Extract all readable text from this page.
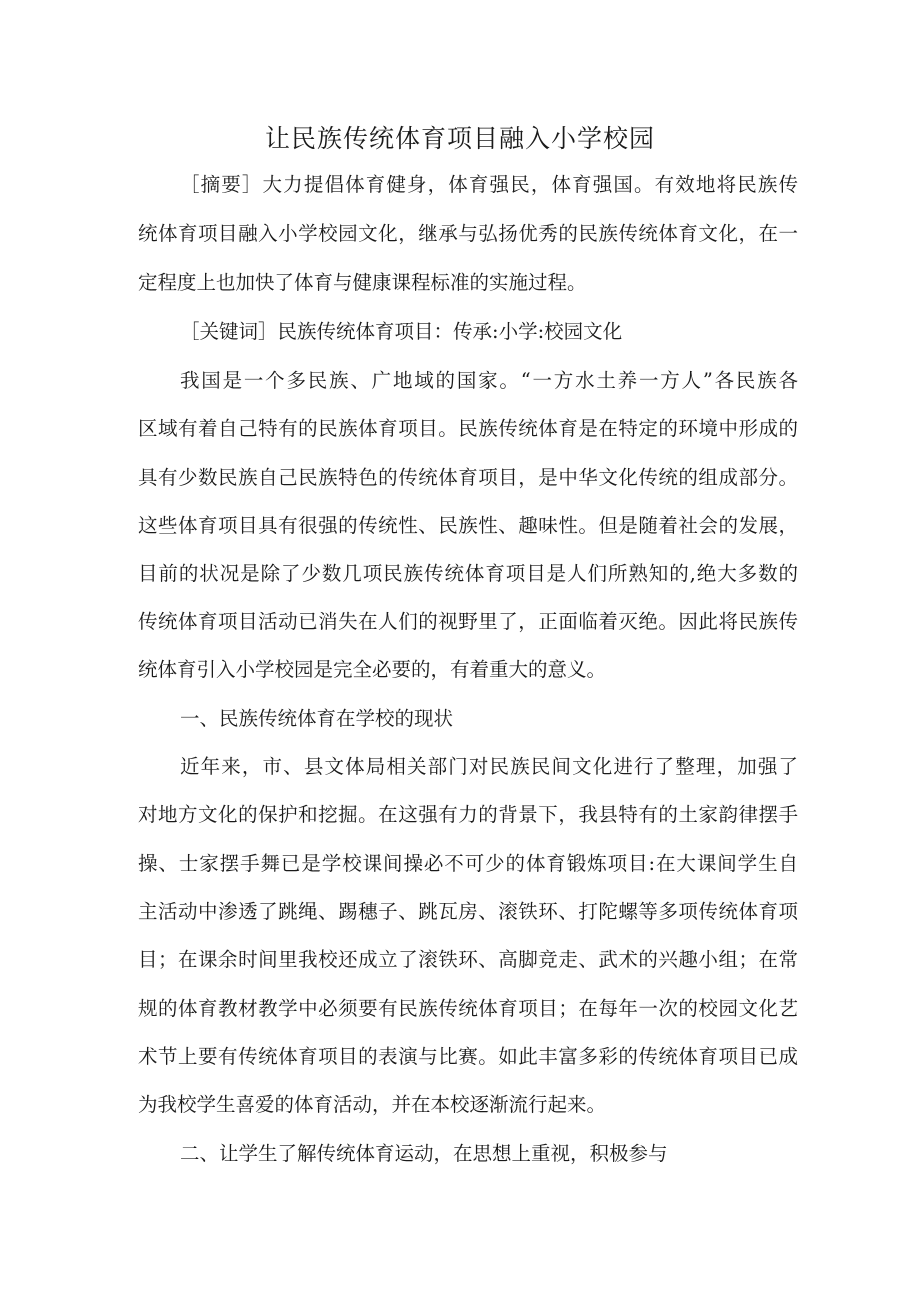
让民族传统体育项目融入小学校园
［摘要］大力提倡体育健身，体育强民，体育强国。有效地将民族传
统体育项目融入小学校园文化，继承与弘扬优秀的民族传统体育文化，在一
定程度上也加快了体育与健康课程标准的实施过程。
［关键词］民族传统体育项目：传承:小学:校园文化
我国是一个多民族、广地域的国家。“一方水土养一方人”各民族各
区域有着自己特有的民族体育项目。民族传统体育是在特定的环境中形成的
具有少数民族自己民族特色的传统体育项目，是中华文化传统的组成部分。
这些体育项目具有很强的传统性、民族性、趣味性。但是随着社会的发展，
目前的状况是除了少数几项民族传统体育项目是人们所熟知的,绝大多数的
传统体育项目活动已消失在人们的视野里了，正面临着灭绝。因此将民族传
统体育引入小学校园是完全必要的，有着重大的意义。
一、民族传统体育在学校的现状
近年来，市、县文体局相关部门对民族民间文化进行了整理，加强了
对地方文化的保护和挖掘。在这强有力的背景下，我县特有的土家韵律摆手
操、士家摆手舞已是学校课间操必不可少的体育锻炼项目:在大课间学生自
主活动中渗透了跳绳、踢穗子、跳瓦房、滚铁环、打陀螺等多项传统体育项
目；在课余时间里我校还成立了滚铁环、高脚竞走、武术的兴趣小组；在常
规的体育教材教学中必须要有民族传统体育项目；在每年一次的校园文化艺
术节上要有传统体育项目的表演与比赛。如此丰富多彩的传统体育项目已成
为我校学生喜爱的体育活动，并在本校逐渐流行起来。
二、让学生了解传统体育运动，在思想上重视，积极参与
